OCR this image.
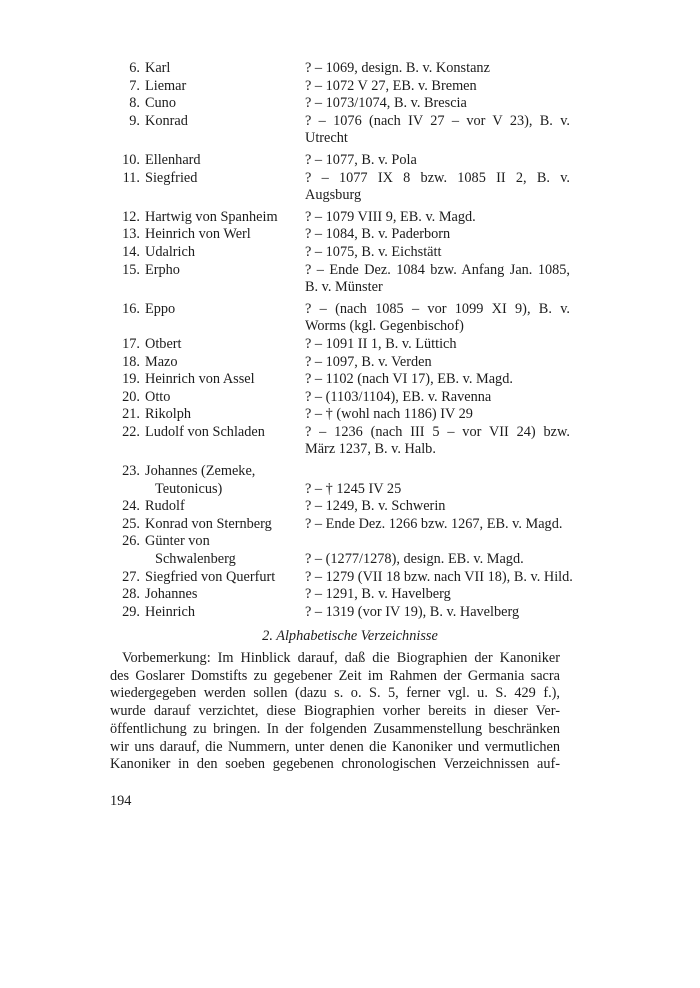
6. Karl	? – 1069, design. B. v. Konstanz
7. Liemar	? – 1072 V 27, EB. v. Bremen
8. Cuno	? – 1073/1074, B. v. Brescia
9. Konrad	? – 1076 (nach IV 27 – vor V 23), B. v.
Utrecht
10. Ellenhard	? – 1077, B. v. Pola
11. Siegfried	? – 1077 IX 8 bzw. 1085 II 2, B. v.
Augsburg
12. Hartwig von Spanheim	? – 1079 VIII 9, EB. v. Magd.
13. Heinrich von Werl	? – 1084, B. v. Paderborn
14. Udalrich	? – 1075, B. v. Eichstätt
15. Erpho	? – Ende Dez. 1084 bzw. Anfang Jan. 1085,
B. v. Münster
16. Eppo	? – (nach 1085 – vor 1099 XI 9), B. v.
Worms (kgl. Gegenbischof)
17. Otbert	? – 1091 II 1, B. v. Lüttich
18. Mazo	? – 1097, B. v. Verden
19. Heinrich von Assel	? – 1102 (nach VI 17), EB. v. Magd.
20. Otto	? – (1103/1104), EB. v. Ravenna
21. Rikolph	? – † (wohl nach 1186) IV 29
22. Ludolf von Schladen	? – 1236 (nach III 5 – vor VII 24) bzw.
März 1237, B. v. Halb.
23. Johannes (Zemeke,
Teutonicus)	? – † 1245 IV 25
24. Rudolf	? – 1249, B. v. Schwerin
25. Konrad von Sternberg	? – Ende Dez. 1266 bzw. 1267, EB. v. Magd.
26. Günter von
Schwalenberg	? – (1277/1278), design. EB. v. Magd.
27. Siegfried von Querfurt	? – 1279 (VII 18 bzw. nach VII 18), B. v. Hild.
28. Johannes	? – 1291, B. v. Havelberg
29. Heinrich	? – 1319 (vor IV 19), B. v. Havelberg
2. Alphabetische Verzeichnisse
Vorbemerkung: Im Hinblick darauf, daß die Biographien der Kanoniker
des Goslarer Domstifts zu gegebener Zeit im Rahmen der Germania sacra
wiedergegeben werden sollen (dazu s. o. S. 5, ferner vgl. u. S. 429 f.),
wurde darauf verzichtet, diese Biographien vorher bereits in dieser Ver-
öffentlichung zu bringen. In der folgenden Zusammenstellung beschränken
wir uns darauf, die Nummern, unter denen die Kanoniker und vermutlichen
Kanoniker in den soeben gegebenen chronologischen Verzeichnissen auf-
194
